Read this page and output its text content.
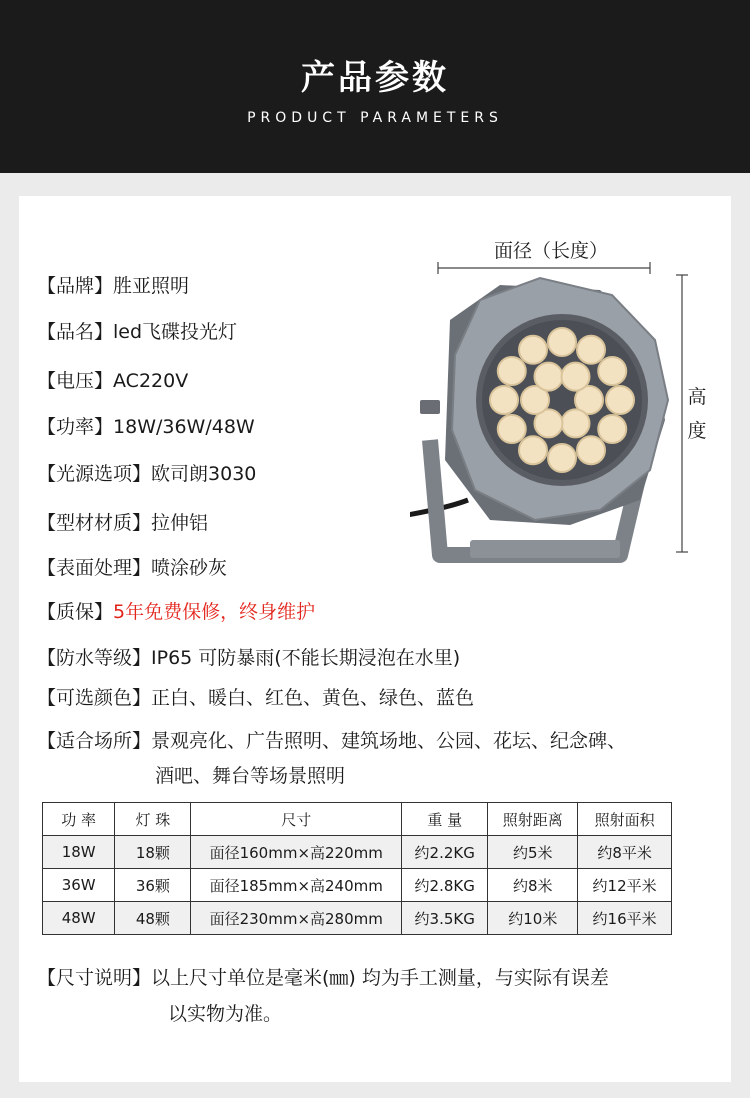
产品参数
PRODUCT PARAMETERS
【品牌】胜亚照明
【品名】led飞碟投光灯
【电压】AC220V
【功率】18W/36W/48W
【光源选项】欧司朗3030
【型材材质】拉伸铝
【表面处理】喷涂砂灰
【质保】5年免费保修，终身维护
【防水等级】IP65 可防暴雨(不能长期浸泡在水里)
【可选颜色】正白、暖白、红色、黄色、绿色、蓝色
【适合场所】景观亮化、广告照明、建筑场地、公园、花坛、纪念碑、
酒吧、舞台等场景照明
面径（长度）
高
度
功 率	灯 珠	尺寸	重 量	照射距离	照射面积
18W	18颗	面径160mm×高220mm	约2.2KG	约5米	约8平米
36W	36颗	面径185mm×高240mm	约2.8KG	约8米	约12平米
48W	48颗	面径230mm×高280mm	约3.5KG	约10米	约16平米
【尺寸说明】以上尺寸单位是毫米(㎜) 均为手工测量，与实际有误差
以实物为准。
